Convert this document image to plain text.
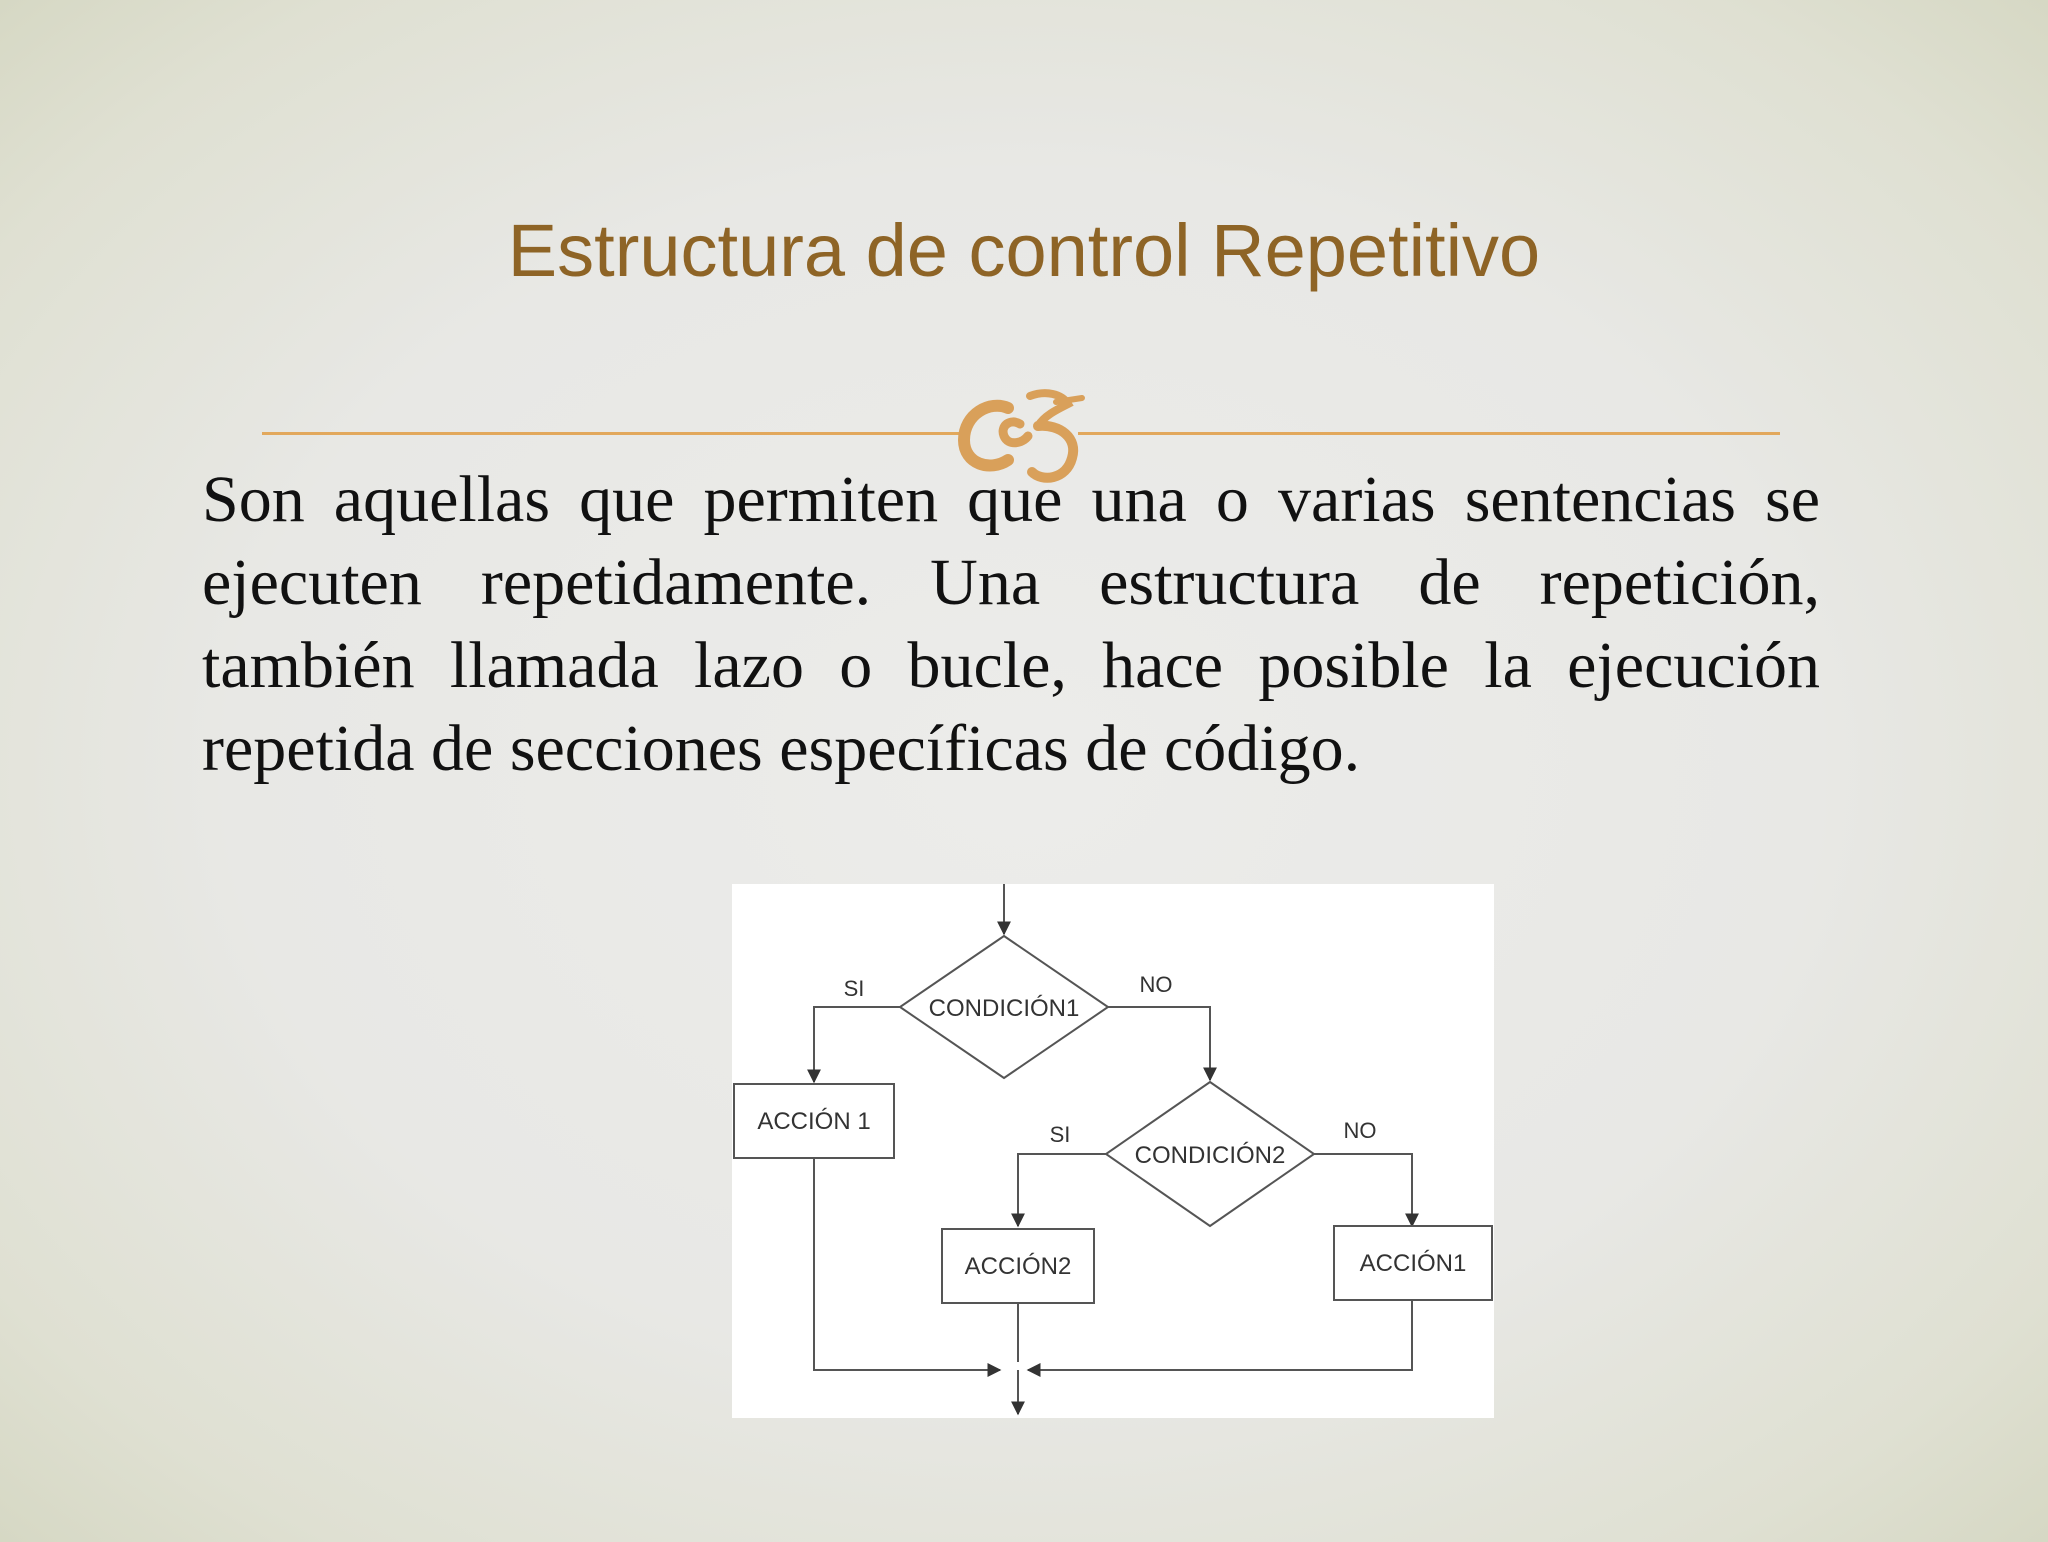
Estructura de control Repetitivo

Son aquellas que permiten que una o varias sentencias se ejecuten repetidamente. Una estructura de repetición, también llamada lazo o bucle, hace posible la ejecución repetida de secciones específicas de código.

CONDICIÓN1
CONDICIÓN2
SI	NO
SI	NO
ACCIÓN 1
ACCIÓN2	ACCIÓN1
